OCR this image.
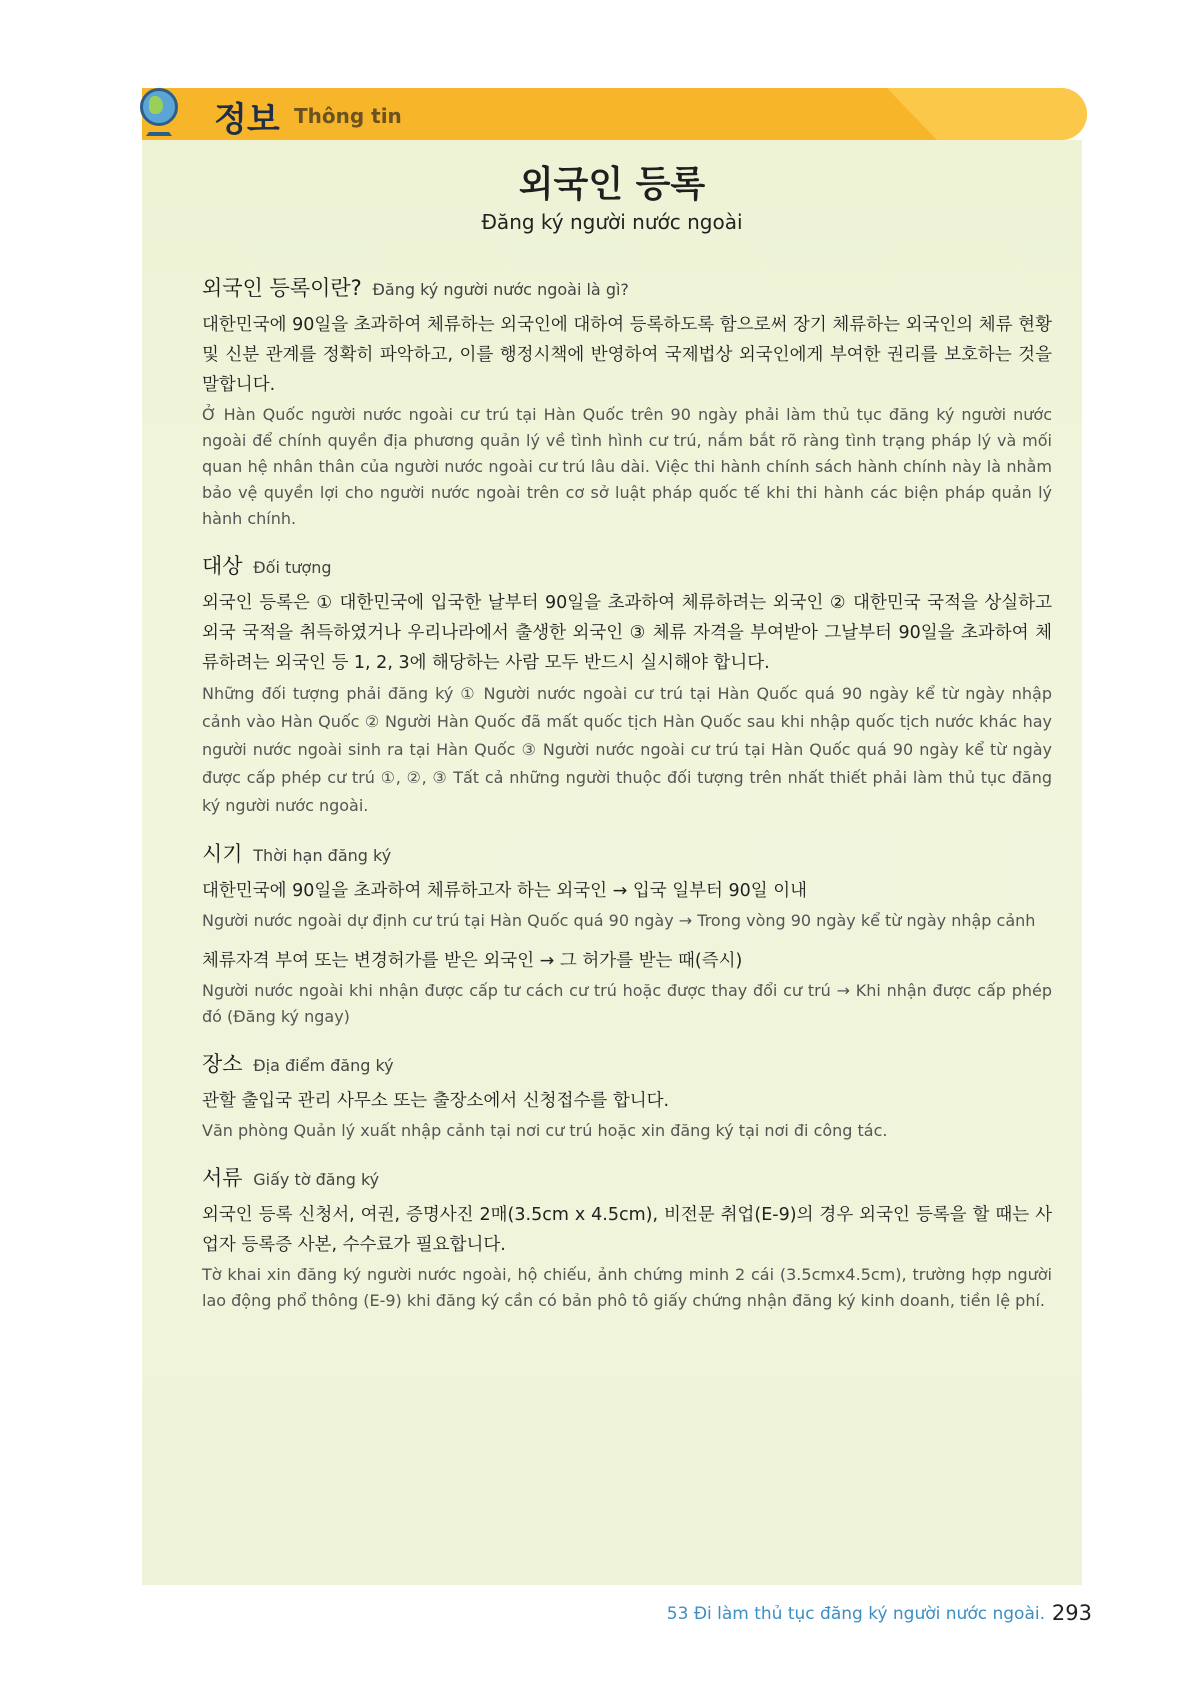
정보 Thông tin
외국인 등록
Đăng ký người nước ngoài
외국인 등록이란? Đăng ký người nước ngoài là gì?
대한민국에 90일을 초과하여 체류하는 외국인에 대하여 등록하도록 함으로써 장기 체류하는 외국인의 체류 현황 및 신분 관계를 정확히 파악하고, 이를 행정시책에 반영하여 국제법상 외국인에게 부여한 권리를 보호하는 것을 말합니다.
Ở Hàn Quốc người nước ngoài cư trú tại Hàn Quốc trên 90 ngày phải làm thủ tục đăng ký người nước ngoài để chính quyền địa phương quản lý về tình hình cư trú, nắm bắt rõ ràng tình trạng pháp lý và mối quan hệ nhân thân của người nước ngoài cư trú lâu dài. Việc thi hành chính sách hành chính này là nhằm bảo vệ quyền lợi cho người nước ngoài trên cơ sở luật pháp quốc tế khi thi hành các biện pháp quản lý hành chính.
대상 Đối tượng
외국인 등록은 ① 대한민국에 입국한 날부터 90일을 초과하여 체류하려는 외국인 ② 대한민국 국적을 상실하고 외국 국적을 취득하였거나 우리나라에서 출생한 외국인 ③ 체류 자격을 부여받아 그날부터 90일을 초과하여 체류하려는 외국인 등 1, 2, 3에 해당하는 사람 모두 반드시 실시해야 합니다.
Những đối tượng phải đăng ký ① Người nước ngoài cư trú tại Hàn Quốc quá 90 ngày kể từ ngày nhập cảnh vào Hàn Quốc ② Người Hàn Quốc đã mất quốc tịch Hàn Quốc sau khi nhập quốc tịch nước khác hay người nước ngoài sinh ra tại Hàn Quốc ③ Người nước ngoài cư trú tại Hàn Quốc quá 90 ngày kể từ ngày được cấp phép cư trú ①, ②, ③ Tất cả những người thuộc đối tượng trên nhất thiết phải làm thủ tục đăng ký người nước ngoài.
시기 Thời hạn đăng ký
대한민국에 90일을 초과하여 체류하고자 하는 외국인 → 입국 일부터 90일 이내
Người nước ngoài dự định cư trú tại Hàn Quốc quá 90 ngày → Trong vòng 90 ngày kể từ ngày nhập cảnh
체류자격 부여 또는 변경허가를 받은 외국인 → 그 허가를 받는 때(즉시)
Người nước ngoài khi nhận được cấp tư cách cư trú hoặc được thay đổi cư trú → Khi nhận được cấp phép đó (Đăng ký ngay)
장소 Địa điểm đăng ký
관할 출입국 관리 사무소 또는 출장소에서 신청접수를 합니다.
Văn phòng Quản lý xuất nhập cảnh tại nơi cư trú hoặc xin đăng ký tại nơi đi công tác.
서류 Giấy tờ đăng ký
외국인 등록 신청서, 여권, 증명사진 2매(3.5cm x 4.5cm), 비전문 취업(E-9)의 경우 외국인 등록을 할 때는 사업자 등록증 사본, 수수료가 필요합니다.
Tờ khai xin đăng ký người nước ngoài, hộ chiếu, ảnh chứng minh 2 cái (3.5cmx4.5cm), trường hợp người lao động phổ thông (E-9) khi đăng ký cần có bản phô tô giấy chứng nhận đăng ký kinh doanh, tiền lệ phí.
53 Đi làm thủ tục đăng ký người nước ngoài. 293
